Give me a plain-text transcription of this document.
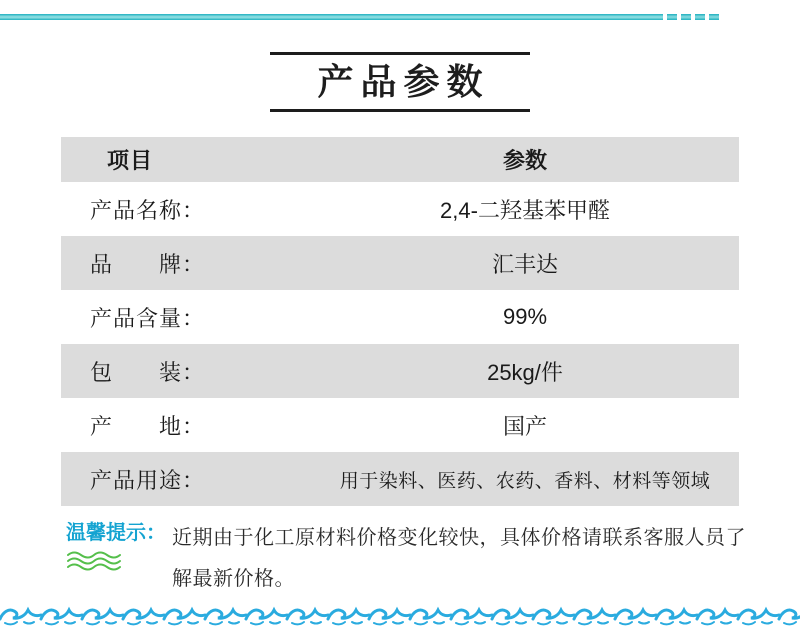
产品参数
项目	参数
产品名称：	2,4-二羟基苯甲醛
品　　牌：	汇丰达
产品含量：	99%
包　　装：	25kg/件
产　　地：	国产
产品用途：	用于染料、医药、农药、香料、材料等领域
温馨提示： 近期由于化工原材料价格变化较快，具体价格请联系客服人员了解最新价格。
